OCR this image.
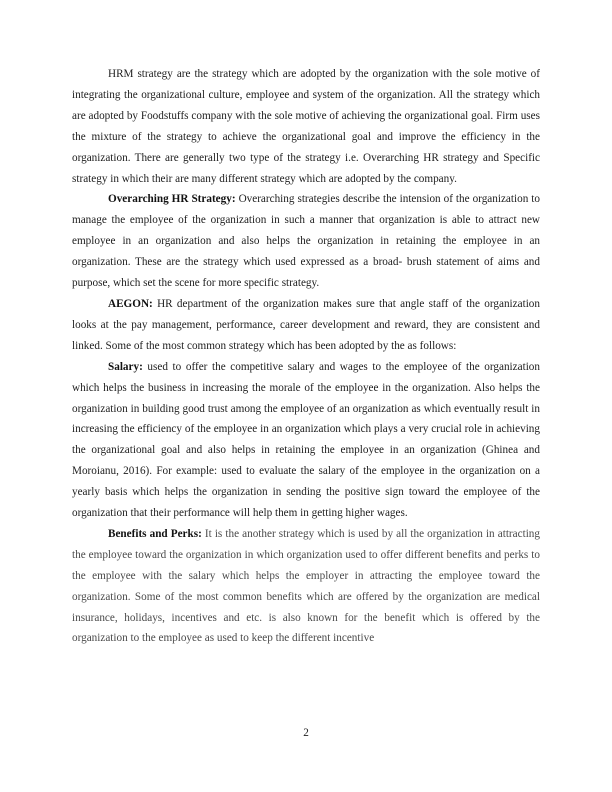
HRM strategy are the strategy which are adopted by the organization with the sole motive of integrating the organizational culture, employee and system of the organization. All the strategy which are adopted by Foodstuffs company with the sole motive of achieving the organizational goal. Firm uses the mixture of the strategy to achieve the organizational goal and improve the efficiency in the organization. There are generally two type of the strategy i.e. Overarching HR strategy and Specific strategy in which their are many different strategy which are adopted by the company.

Overarching HR Strategy: Overarching strategies describe the intension of the organization to manage the employee of the organization in such a manner that organization is able to attract new employee in an organization and also helps the organization in retaining the employee in an organization. These are the strategy which used expressed as a broad- brush statement of aims and purpose, which set the scene for more specific strategy.

AEGON: HR department of the organization makes sure that angle staff of the organization looks at the pay management, performance, career development and reward, they are consistent and linked. Some of the most common strategy which has been adopted by the as follows:

Salary: used to offer the competitive salary and wages to the employee of the organization which helps the business in increasing the morale of the employee in the organization. Also helps the organization in building good trust among the employee of an organization as which eventually result in increasing the efficiency of the employee in an organization which plays a very crucial role in achieving the organizational goal and also helps in retaining the employee in an organization (Ghinea and Moroianu, 2016). For example: used to evaluate the salary of the employee in the organization on a yearly basis which helps the organization in sending the positive sign toward the employee of the organization that their performance will help them in getting higher wages.

Benefits and Perks: It is the another strategy which is used by all the organization in attracting the employee toward the organization in which organization used to offer different benefits and perks to the employee with the salary which helps the employer in attracting the employee toward the organization. Some of the most common benefits which are offered by the organization are medical insurance, holidays, incentives and etc. is also known for the benefit which is offered by the organization to the employee as used to keep the different incentive

2
